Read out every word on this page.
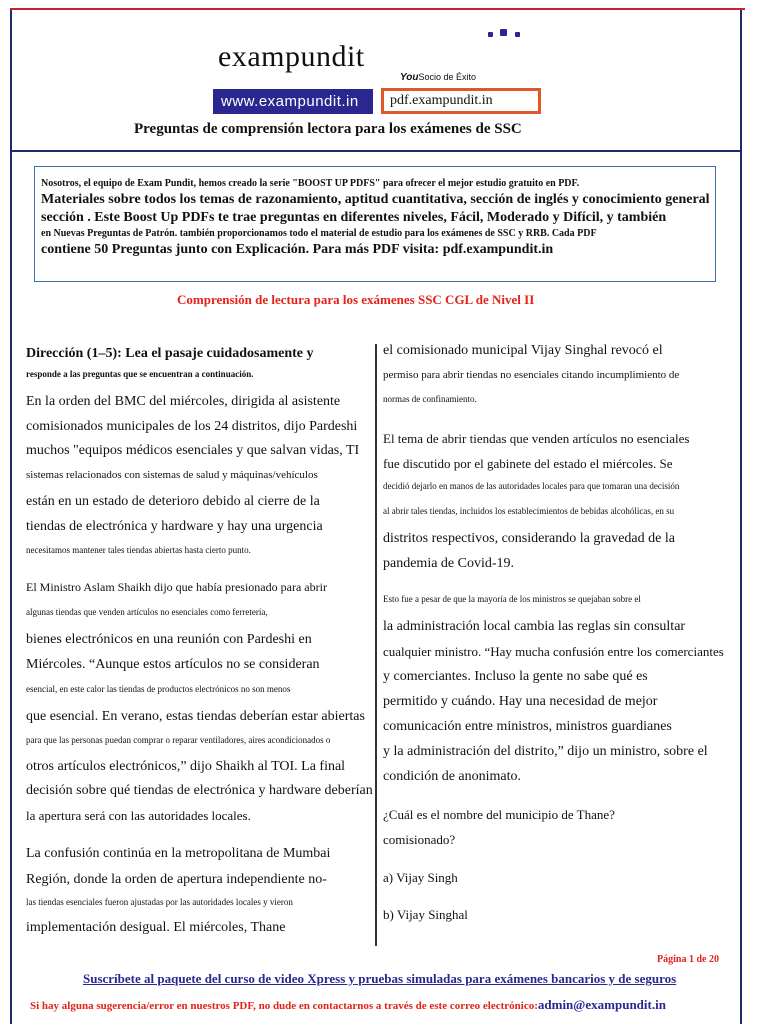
exampundit
YouSocio de Éxito
www.exampundit.in	pdf.exampundit.in
Preguntas de comprensión lectora para los exámenes de SSC
Nosotros, el equipo de Exam Pundit, hemos creado la serie "BOOST UP PDFS" para ofrecer el mejor estudio gratuito en PDF.
Materiales sobre todos los temas de razonamiento, aptitud cuantitativa, sección de inglés y conocimiento general
sección . Este Boost Up PDFs te trae preguntas en diferentes niveles, Fácil, Moderado y Difícil, y también
en Nuevas Preguntas de Patrón. también proporcionamos todo el material de estudio para los exámenes de SSC y RRB. Cada PDF
contiene 50 Preguntas junto con Explicación. Para más PDF visita: pdf.exampundit.in
Comprensión de lectura para los exámenes SSC CGL de Nivel II
Dirección (1–5): Lea el pasaje cuidadosamente y
responde a las preguntas que se encuentran a continuación.
En la orden del BMC del miércoles, dirigida al asistente
comisionados municipales de los 24 distritos, dijo Pardeshi
muchos "equipos médicos esenciales y que salvan vidas, TI
sistemas relacionados con sistemas de salud y máquinas/vehículos
están en un estado de deterioro debido al cierre de la
tiendas de electrónica y hardware y hay una urgencia
necesitamos mantener tales tiendas abiertas hasta cierto punto.
El Ministro Aslam Shaikh dijo que había presionado para abrir
algunas tiendas que venden artículos no esenciales como ferretería,
bienes electrónicos en una reunión con Pardeshi en
Miércoles. “Aunque estos artículos no se consideran
esencial, en este calor las tiendas de productos electrónicos no son menos
que esencial. En verano, estas tiendas deberían estar abiertas
para que las personas puedan comprar o reparar ventiladores, aires acondicionados o
otros artículos electrónicos,” dijo Shaikh al TOI. La final
decisión sobre qué tiendas de electrónica y hardware deberían
la apertura será con las autoridades locales.
La confusión continúa en la metropolitana de Mumbai
Región, donde la orden de apertura independiente no-
las tiendas esenciales fueron ajustadas por las autoridades locales y vieron
implementación desigual. El miércoles, Thane
el comisionado municipal Vijay Singhal revocó el
permiso para abrir tiendas no esenciales citando incumplimiento de
normas de confinamiento.
El tema de abrir tiendas que venden artículos no esenciales
fue discutido por el gabinete del estado el miércoles. Se
decidió dejarlo en manos de las autoridades locales para que tomaran una decisión
al abrir tales tiendas, incluidos los establecimientos de bebidas alcohólicas, en su
distritos respectivos, considerando la gravedad de la
pandemia de Covid-19.
Esto fue a pesar de que la mayoría de los ministros se quejaban sobre el
la administración local cambia las reglas sin consultar
cualquier ministro. “Hay mucha confusión entre los comerciantes
y comerciantes. Incluso la gente no sabe qué es
permitido y cuándo. Hay una necesidad de mejor
comunicación entre ministros, ministros guardianes
y la administración del distrito,” dijo un ministro, sobre el
condición de anonimato.
¿Cuál es el nombre del municipio de Thane?
comisionado?
a) Vijay Singh
b) Vijay Singhal
Página 1 de 20
Suscríbete al paquete del curso de video Xpress y pruebas simuladas para exámenes bancarios y de seguros
Si hay alguna sugerencia/error en nuestros PDF, no dude en contactarnos a través de este correo electrónico:admin@exampundit.in
